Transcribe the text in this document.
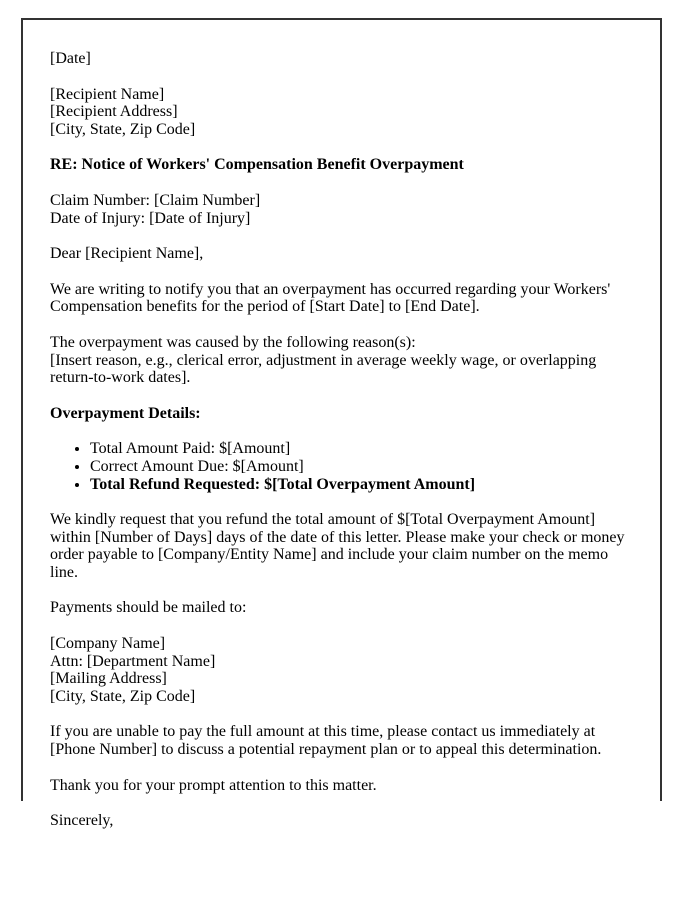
[Date]

[Recipient Name]
[Recipient Address]
[City, State, Zip Code]

RE: Notice of Workers' Compensation Benefit Overpayment

Claim Number: [Claim Number]
Date of Injury: [Date of Injury]

Dear [Recipient Name],

We are writing to notify you that an overpayment has occurred regarding your Workers' Compensation benefits for the period of [Start Date] to [End Date].

The overpayment was caused by the following reason(s):
[Insert reason, e.g., clerical error, adjustment in average weekly wage, or overlapping return-to-work dates].

Overpayment Details:

• Total Amount Paid: $[Amount]
• Correct Amount Due: $[Amount]
• Total Refund Requested: $[Total Overpayment Amount]

We kindly request that you refund the total amount of $[Total Overpayment Amount] within [Number of Days] days of the date of this letter. Please make your check or money order payable to [Company/Entity Name] and include your claim number on the memo line.

Payments should be mailed to:

[Company Name]
Attn: [Department Name]
[Mailing Address]
[City, State, Zip Code]

If you are unable to pay the full amount at this time, please contact us immediately at [Phone Number] to discuss a potential repayment plan or to appeal this determination.

Thank you for your prompt attention to this matter.

Sincerely,
